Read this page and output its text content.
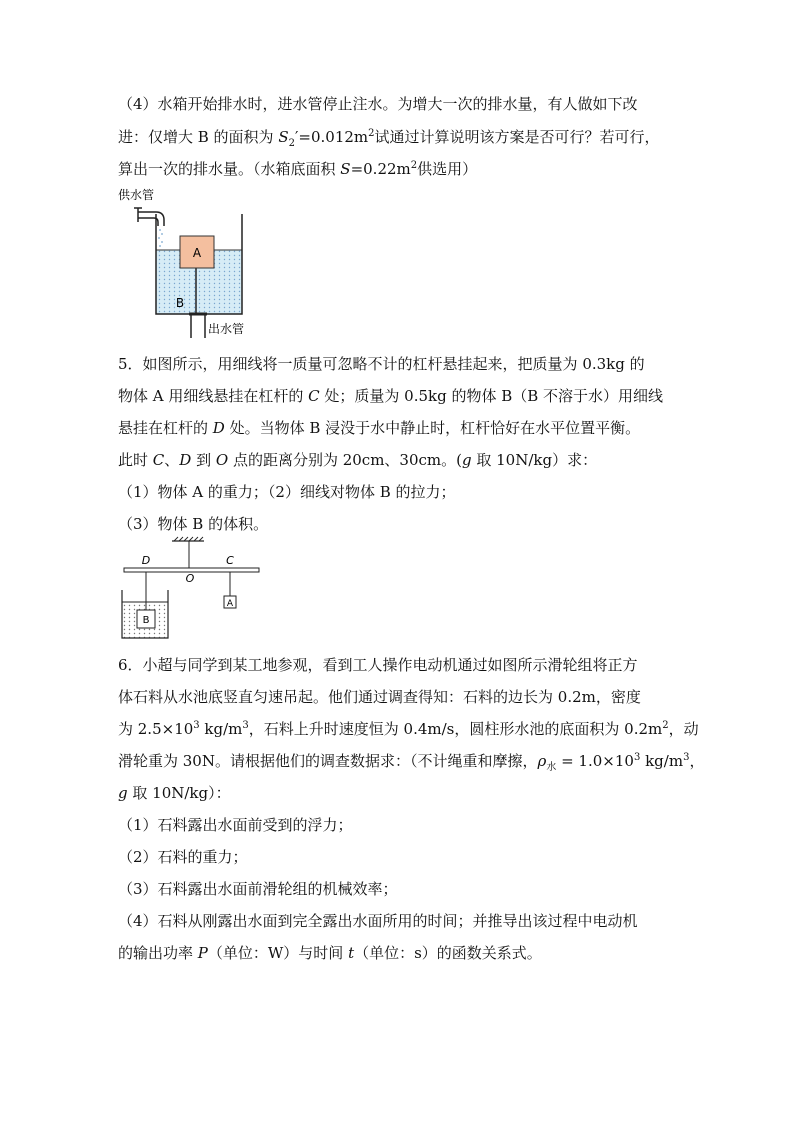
（4）水箱开始排水时，进水管停止注水。为增大一次的排水量，有人做如下改
进：仅增大 B 的面积为 $S_2'=0.012m^2$试通过计算说明该方案是否可行？若可行，
算出一次的排水量。（水箱底面积 $S=0.22m^2$供选用）
A
B
供水管
出水管
5．如图所示，用细线将一质量可忽略不计的杠杆悬挂起来，把质量为 0.3kg 的
物体 A 用细线悬挂在杠杆的 C 处；质量为 0.5kg 的物体 B（B 不溶于水）用细线
悬挂在杠杆的 D 处。当物体 B 浸没于水中静止时，杠杆恰好在水平位置平衡。
此时 C、D 到 O 点的距离分别为 20cm、30cm。(g 取 10N/kg）求：
（1）物体 A 的重力；（2）细线对物体 B 的拉力；
（3）物体 B 的体积。
D
O
C
A
B
6．小超与同学到某工地参观，看到工人操作电动机通过如图所示滑轮组将正方
体石料从水池底竖直匀速吊起。他们通过调查得知：石料的边长为 0.2m，密度
为 $2.5\times 10^3$ $kg/m^3$，石料上升时速度恒为 0.4m/s，圆柱形水池的底面积为 $0.2m^2$，动
滑轮重为 30N。请根据他们的调查数据求：（不计绳重和摩擦，$\rho_水 = 1.0\times 10^3$ $kg/m^3$，
g 取 10N/kg）：
（1）石料露出水面前受到的浮力；
（2）石料的重力；
（3）石料露出水面前滑轮组的机械效率；
（4）石料从刚露出水面到完全露出水面所用的时间；并推导出该过程中电动机
的输出功率 P（单位：W）与时间 t（单位：s）的函数关系式。
